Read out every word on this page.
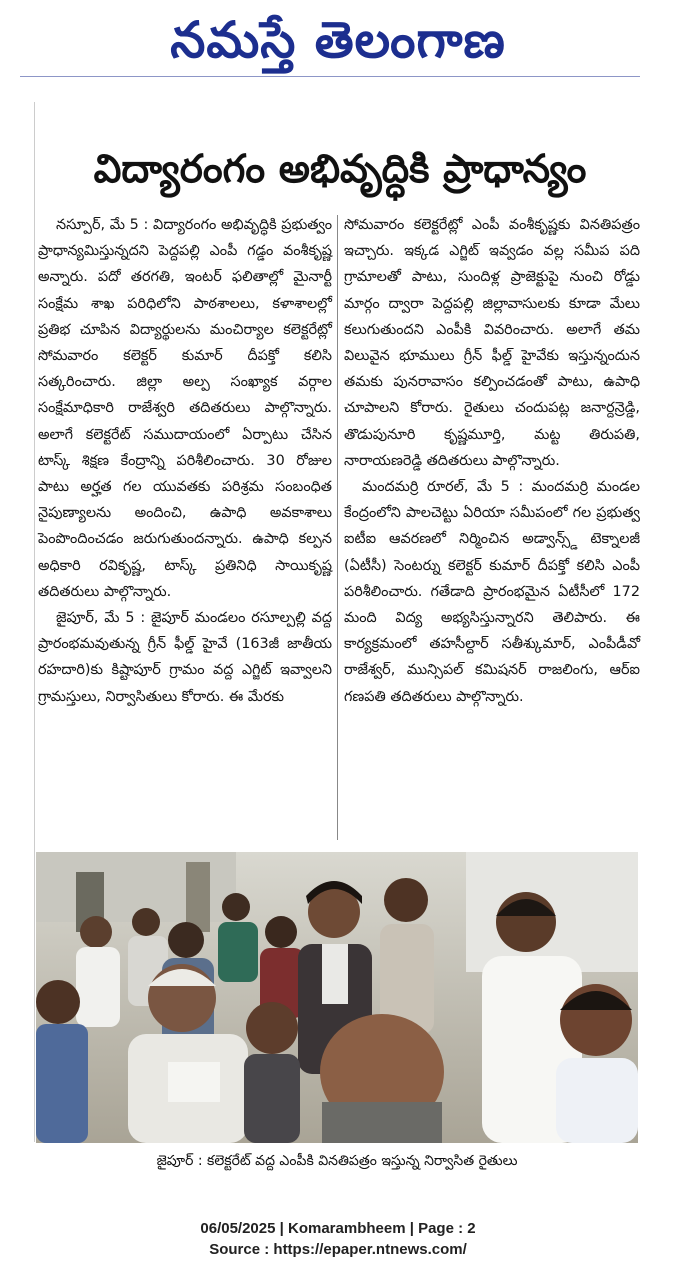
నమస్తే తెలంగాణ
విద్యారంగం అభివృద్ధికి ప్రాధాన్యం

నస్పూర్, మే 5 : విద్యారంగం అభివృద్ధికి ప్రభుత్వం ప్రాధాన్యమిస్తున్నదని పెద్దపల్లి ఎంపీ గడ్డం వంశీకృష్ణ అన్నారు. పదో తరగతి, ఇంటర్ ఫలితాల్లో మైనార్టీ సంక్షేమ శాఖ పరిధిలోని పాఠశాలలు, కళాశాలల్లో ప్రతిభ చూపిన విద్యార్థులను మంచిర్యాల కలెక్టరేట్లో సోమవారం కలెక్టర్ కుమార్ దీపక్తో కలిసి సత్కరించారు. జిల్లా అల్ప సంఖ్యాక వర్గాల సంక్షేమాధికారి రాజేశ్వరి తదితరులు పాల్గొన్నారు. అలాగే కలెక్టరేట్ సముదాయంలో ఏర్పాటు చేసిన టాస్క్ శిక్షణ కేంద్రాన్ని పరిశీలించారు. 30 రోజుల పాటు అర్హత గల యువతకు పరిశ్రమ సంబంధిత నైపుణ్యాలను అందించి, ఉపాధి అవకాశాలు పెంపొందించడం జరుగుతుందన్నారు. ఉపాధి కల్పన అధికారి రవికృష్ణ, టాస్క్ ప్రతినిధి సాయికృష్ణ తదితరులు పాల్గొన్నారు.

జైపూర్, మే 5 : జైపూర్ మండలం రసూల్పల్లి వద్ద ప్రారంభమవుతున్న గ్రీన్ ఫీల్డ్ హైవే (163జీ జాతీయ రహదారి)కు కిష్టాపూర్ గ్రామం వద్ద ఎగ్జిట్ ఇవ్వాలని గ్రామస్తులు, నిర్వాసితులు కోరారు. ఈ మేరకు

సోమవారం కలెక్టరేట్లో ఎంపీ వంశీకృష్ణకు వినతిపత్రం ఇచ్చారు. ఇక్కడ ఎగ్జిట్ ఇవ్వడం వల్ల సమీప పది గ్రామాలతో పాటు, సుందిళ్ల ప్రాజెక్టుపై నుంచి రోడ్డు మార్గం ద్వారా పెద్దపల్లి జిల్లావాసులకు కూడా మేలు కలుగుతుందని ఎంపీకి వివరించారు. అలాగే తమ విలువైన భూములు గ్రీన్ ఫీల్డ్ హైవేకు ఇస్తున్నందున తమకు పునరావాసం కల్పించడంతో పాటు, ఉపాధి చూపాలని కోరారు. రైతులు చందుపట్ల జనార్దన్రెడ్డి, తొడుపునూరి కృష్ణమూర్తి, మట్ట తిరుపతి, నారాయణరెడ్డి తదితరులు పాల్గొన్నారు.

మందమర్రి రూరల్, మే 5 : మందమర్రి మండల కేంద్రంలోని పాలచెట్టు ఏరియా సమీపంలో గల ప్రభుత్వ ఐటీఐ ఆవరణలో నిర్మించిన అడ్వాన్స్డ్ టెక్నాలజీ (ఏటీసీ) సెంటర్ను కలెక్టర్ కుమార్ దీపక్తో కలిసి ఎంపీ పరిశీలించారు. గతేడాది ప్రారంభమైన ఏటీసీలో 172 మంది విద్య అభ్యసిస్తున్నారని తెలిపారు. ఈ కార్యక్రమంలో తహసీల్దార్ సతీశ్కుమార్, ఎంపీడీవో రాజేశ్వర్, మున్సిపల్ కమిషనర్ రాజలింగు, ఆర్ఐ గణపతి తదితరులు పాల్గొన్నారు.

జైపూర్ : కలెక్టరేట్ వద్ద ఎంపీకి వినతిపత్రం ఇస్తున్న నిర్వాసిత రైతులు
06/05/2025 | Komarambheem | Page : 2
Source : https://epaper.ntnews.com/
